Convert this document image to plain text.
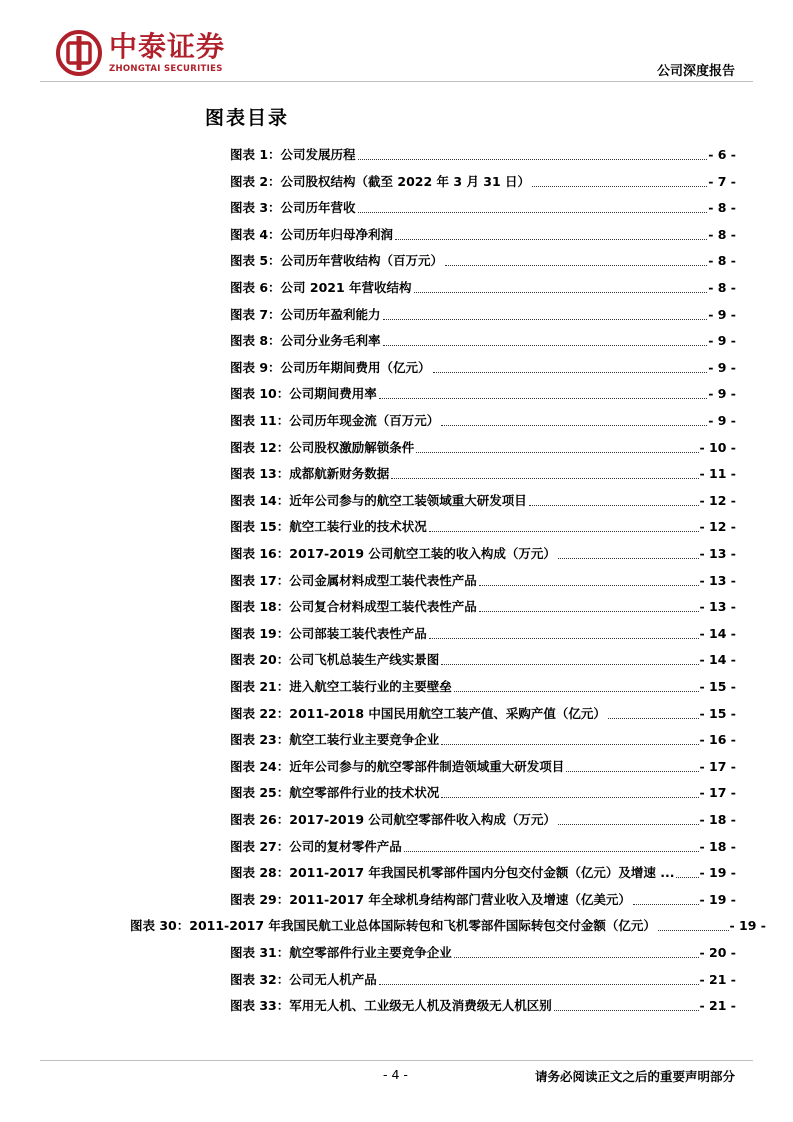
中泰证券
ZHONGTAI SECURITIES	公司深度报告
图表目录
图表 1：公司发展历程	- 6 -
图表 2：公司股权结构（截至 2022 年 3 月 31 日）	- 7 -
图表 3：公司历年营收	- 8 -
图表 4：公司历年归母净利润	- 8 -
图表 5：公司历年营收结构（百万元）	- 8 -
图表 6：公司 2021 年营收结构	- 8 -
图表 7：公司历年盈利能力	- 9 -
图表 8：公司分业务毛利率	- 9 -
图表 9：公司历年期间费用（亿元）	- 9 -
图表 10：公司期间费用率	- 9 -
图表 11：公司历年现金流（百万元）	- 9 -
图表 12：公司股权激励解锁条件	- 10 -
图表 13：成都航新财务数据	- 11 -
图表 14：近年公司参与的航空工装领域重大研发项目	- 12 -
图表 15：航空工装行业的技术状况	- 12 -
图表 16：2017-2019 公司航空工装的收入构成（万元）	- 13 -
图表 17：公司金属材料成型工装代表性产品	- 13 -
图表 18：公司复合材料成型工装代表性产品	- 13 -
图表 19：公司部装工装代表性产品	- 14 -
图表 20：公司飞机总装生产线实景图	- 14 -
图表 21：进入航空工装行业的主要壁垒	- 15 -
图表 22：2011-2018 中国民用航空工装产值、采购产值（亿元）	- 15 -
图表 23：航空工装行业主要竞争企业	- 16 -
图表 24：近年公司参与的航空零部件制造领域重大研发项目	- 17 -
图表 25：航空零部件行业的技术状况	- 17 -
图表 26：2017-2019 公司航空零部件收入构成（万元）	- 18 -
图表 27：公司的复材零件产品	- 18 -
图表 28：2011-2017 年我国民机零部件国内分包交付金额（亿元）及增速 ... - 19 -
图表 29：2011-2017 年全球机身结构部门营业收入及增速（亿美元）	- 19 -
图表 30：2011-2017 年我国民航工业总体国际转包和飞机零部件国际转包交付金额（亿元）	- 19 -
图表 31：航空零部件行业主要竞争企业	- 20 -
图表 32：公司无人机产品	- 21 -
图表 33：军用无人机、工业级无人机及消费级无人机区别	- 21 -
- 4 -	请务必阅读正文之后的重要声明部分
